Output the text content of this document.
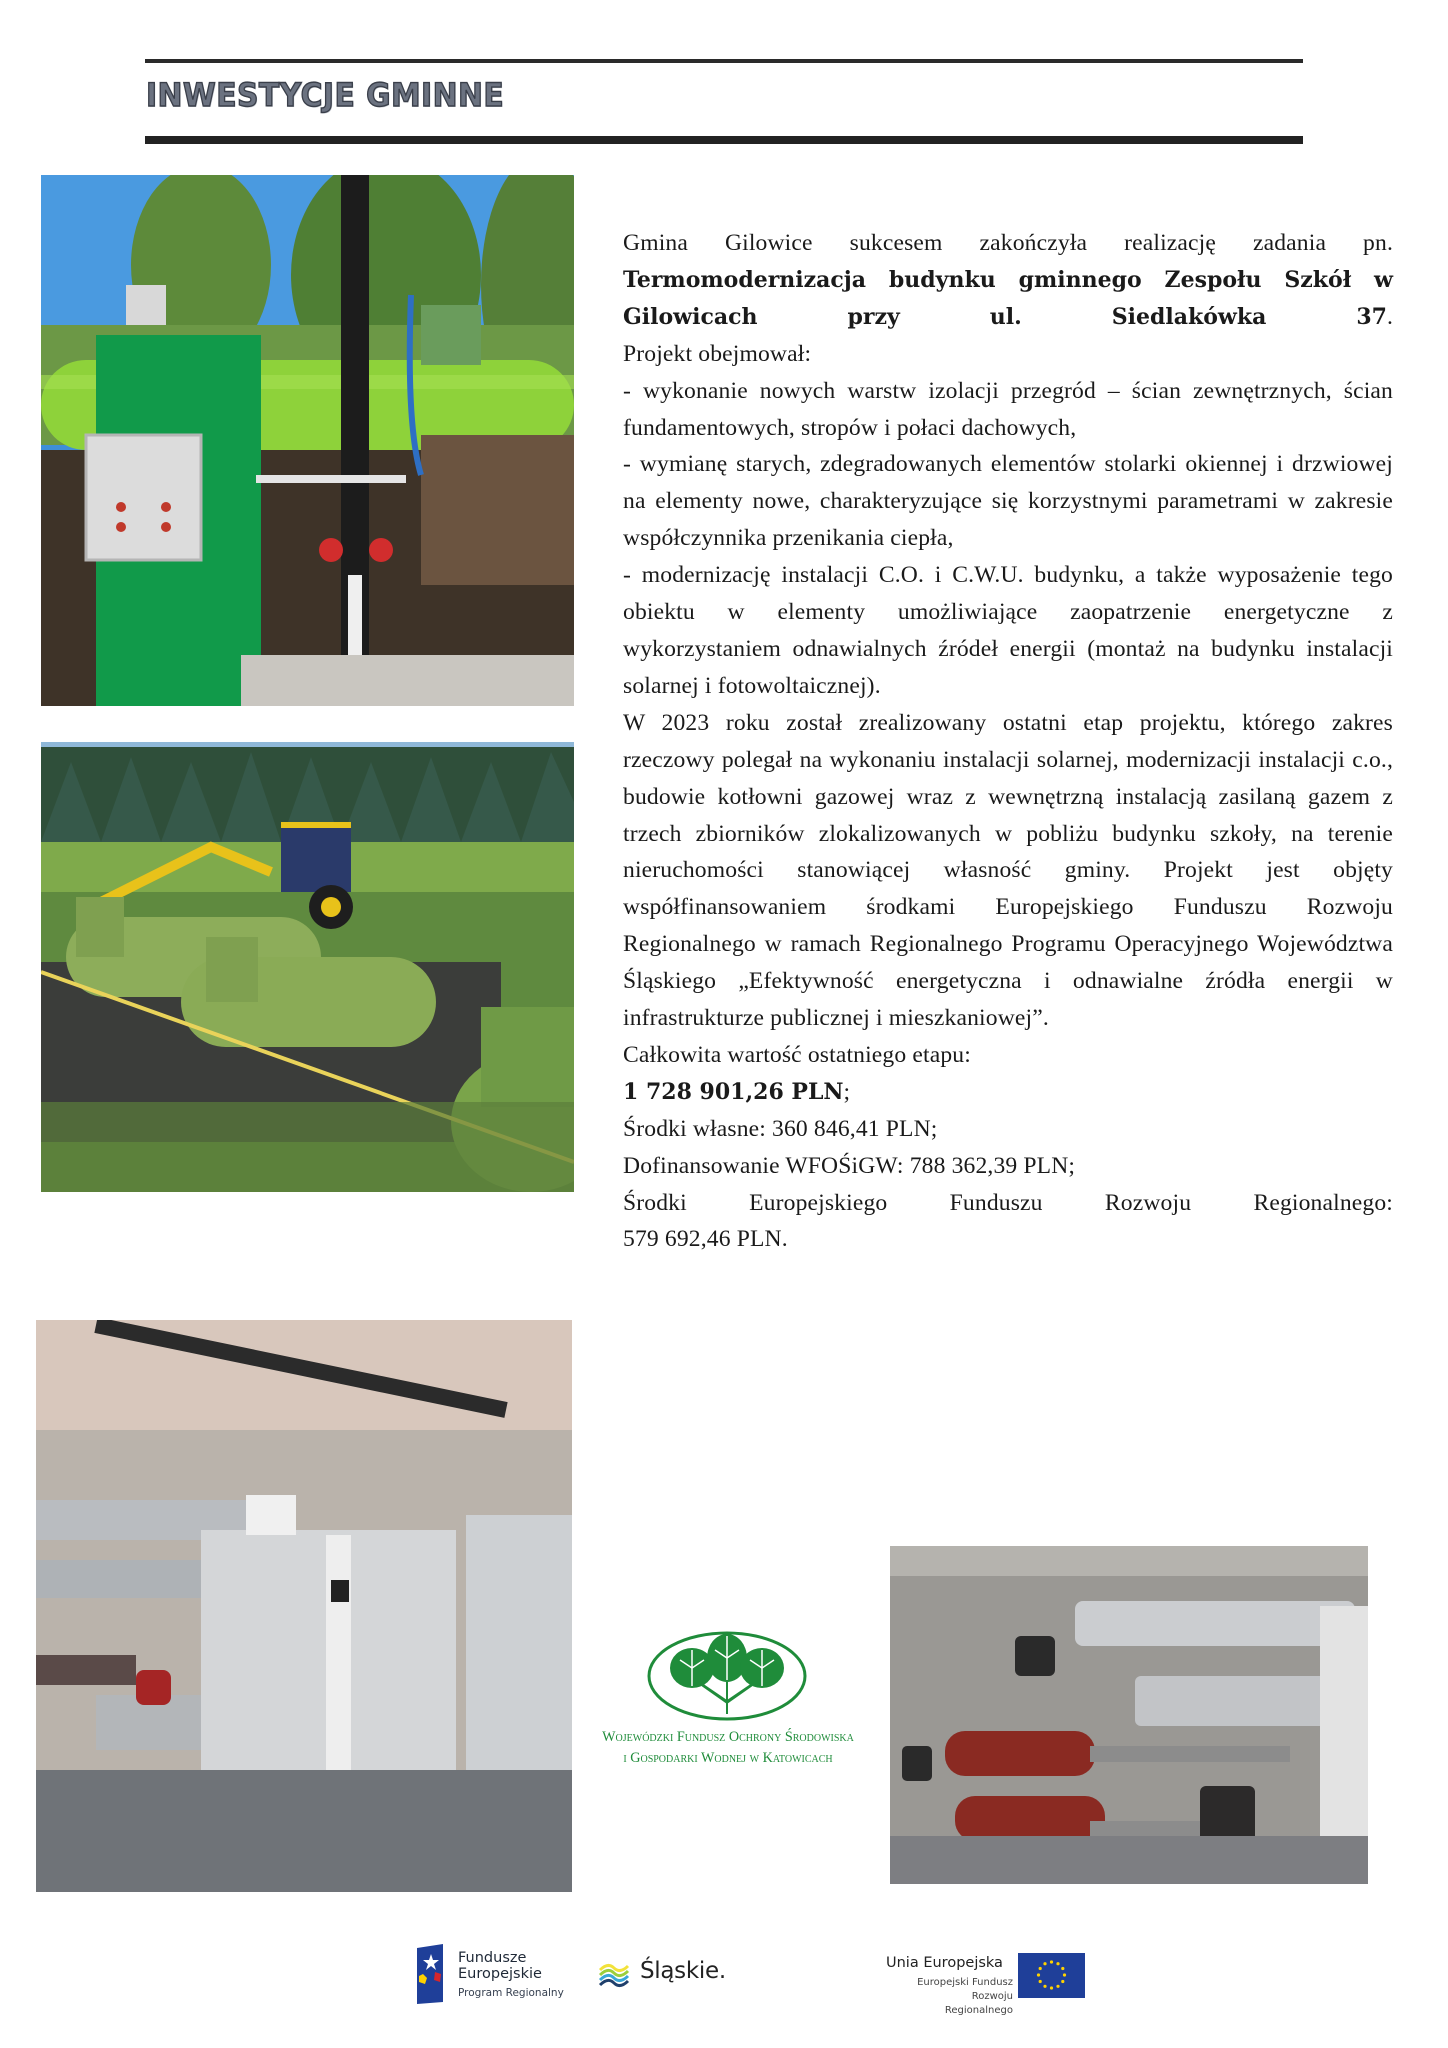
INWESTYCJE GMINNE

Gmina Gilowice sukcesem zakończyła realizację zadania pn. Termomodernizacja budynku gminnego Zespołu Szkół w Gilowicach przy ul. Siedlakówka 37.

Projekt obejmował:

- wykonanie nowych warstw izolacji przegród – ścian zewnętrznych, ścian fundamentowych, stropów i połaci dachowych,

- wymianę starych, zdegradowanych elementów stolarki okiennej i drzwiowej na elementy nowe, charakteryzujące się korzystnymi parametrami w zakresie współczynnika przenikania ciepła,

- modernizację instalacji C.O. i C.W.U. budynku, a także wyposażenie tego obiektu w elementy umożliwiające zaopatrzenie energetyczne z wykorzystaniem odnawialnych źródeł energii (montaż na budynku instalacji solarnej i fotowoltaicznej).

W 2023 roku został zrealizowany ostatni etap projektu, którego zakres rzeczowy polegał na wykonaniu instalacji solarnej, modernizacji instalacji c.o., budowie kotłowni gazowej wraz z wewnętrzną instalacją zasilaną gazem z trzech zbiorników zlokalizowanych w pobliżu budynku szkoły, na terenie nieruchomości stanowiącej własność gminy. Projekt jest objęty współfinansowaniem środkami Europejskiego Funduszu Rozwoju Regionalnego w ramach Regionalnego Programu Operacyjnego Województwa Śląskiego „Efektywność energetyczna i odnawialne źródła energii w infrastrukturze publicznej i mieszkaniowej”.

Całkowita wartość ostatniego etapu:

1 728 901,26 PLN;

Środki własne: 360 846,41 PLN;

Dofinansowanie WFOŚiGW: 788 362,39 PLN;

Środki Europejskiego Funduszu Rozwoju Regionalnego:

579 692,46 PLN.

Wojewódzki Fundusz Ochrony Środowiska
i Gospodarki Wodnej w Katowicach
Fundusze
Europejskie
Program Regionalny
Śląskie.	Unia Europejska
Europejski Fundusz
Rozwoju Regionalnego
